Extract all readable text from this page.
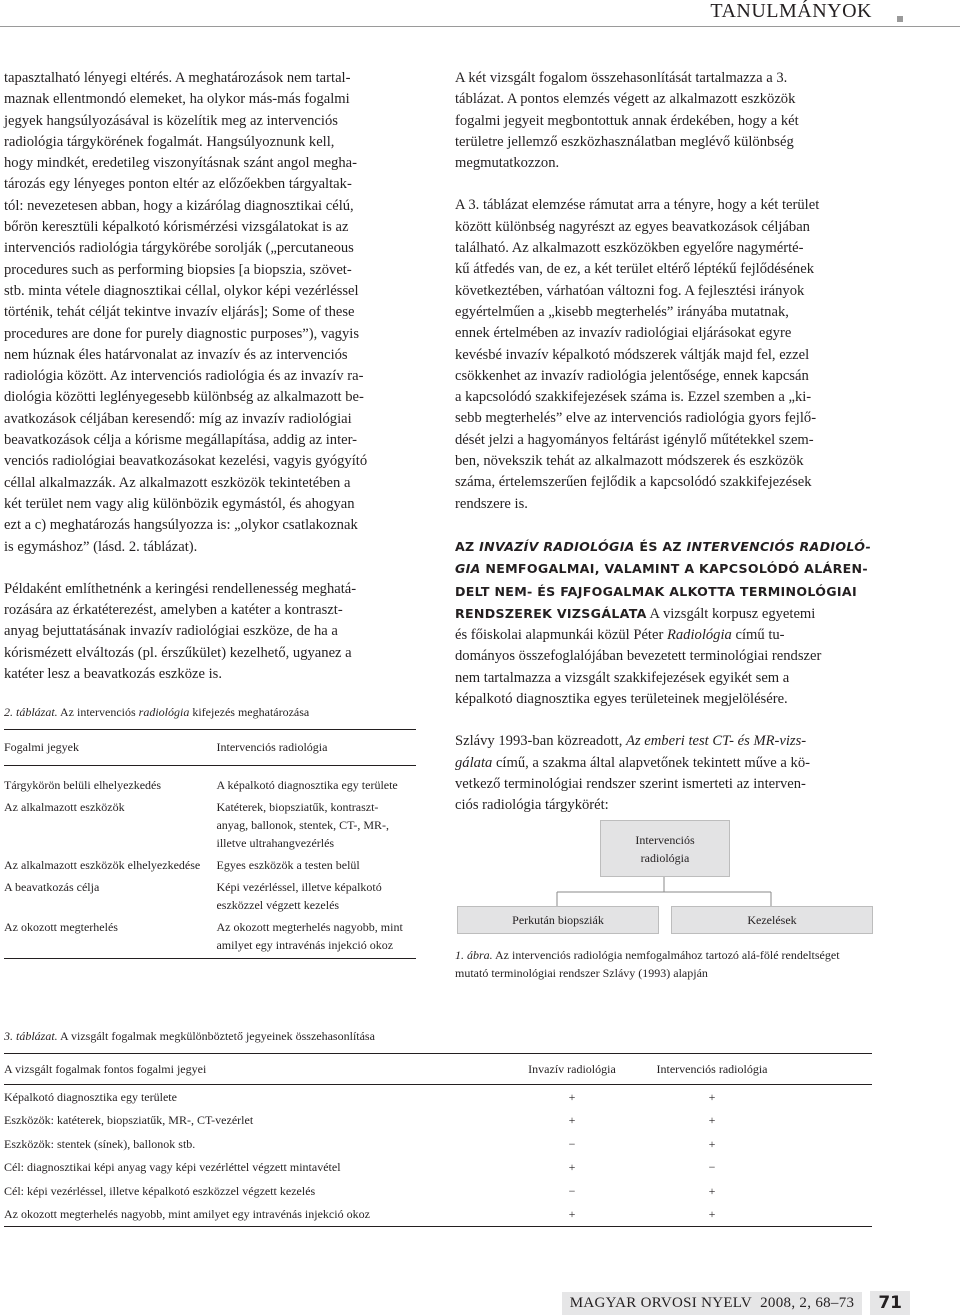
TANULMÁNYOK
tapasztalható lényegi eltérés. A meghatározások nem tartal-
maznak ellentmondó elemeket, ha olykor más-más fogalmi
jegyek hangsúlyozásával is közelítik meg az intervenciós
radiológia tárgykörének fogalmát. Hangsúlyoznunk kell,
hogy mindkét, eredetileg viszonyításnak szánt angol megha-
tározás egy lényeges ponton eltér az előzőekben tárgyaltak-
tól: nevezetesen abban, hogy a kizárólag diagnosztikai célú,
bőrön keresztüli képalkotó kórismérzési vizsgálatokat is az
intervenciós radiológia tárgykörébe sorolják („percutaneous
procedures such as performing biopsies [a biopszia, szövet-
stb. minta vétele diagnosztikai céllal, olykor képi vezérléssel
történik, tehát célját tekintve invazív eljárás]; Some of these
procedures are done for purely diagnostic purposes”), vagyis
nem húznak éles határvonalat az invazív és az intervenciós
radiológia között. Az intervenciós radiológia és az invazív ra-
diológia közötti leglényegesebb különbség az alkalmazott be-
avatkozások céljában keresendő: míg az invazív radiológiai
beavatkozások célja a kórisme megállapítása, addig az inter-
venciós radiológiai beavatkozásokat kezelési, vagyis gyógyító
céllal alkalmazzák. Az alkalmazott eszközök tekintetében a
két terület nem vagy alig különbözik egymástól, és ahogyan
ezt a c) meghatározás hangsúlyozza is: „olykor csatlakoznak
is egymáshoz” (lásd. 2. táblázat).
Példaként említhetnénk a keringési rendellenesség meghatá-
rozására az érkatéterezést, amelyben a katéter a kontraszt-
anyag bejuttatásának invazív radiológiai eszköze, de ha a
kórismézett elváltozás (pl. érszűkület) kezelhető, ugyanez a
katéter lesz a beavatkozás eszköze is.
A két vizsgált fogalom összehasonlítását tartalmazza a 3.
táblázat. A pontos elemzés végett az alkalmazott eszközök
fogalmi jegyeit megbontottuk annak érdekében, hogy a két
területre jellemző eszközhasználatban meglévő különbség
megmutatkozzon.
A 3. táblázat elemzése rámutat arra a tényre, hogy a két terület
között különbség nagyrészt az egyes beavatkozások céljában
található. Az alkalmazott eszközökben egyelőre nagymérté-
kű átfedés van, de ez, a két terület eltérő léptékű fejlődésének
következtében, várhatóan változni fog. A fejlesztési irányok
egyértelműen a „kisebb megterhelés” irányába mutatnak,
ennek értelmében az invazív radiológiai eljárásokat egyre
kevésbé invazív képalkotó módszerek váltják majd fel, ezzel
csökkenhet az invazív radiológia jelentősége, ennek kapcsán
a kapcsolódó szakkifejezések száma is. Ezzel szemben a „ki-
sebb megterhelés” elve az intervenciós radiológia gyors fejlő-
dését jelzi a hagyományos feltárást igénylő műtétekkel szem-
ben, növekszik tehát az alkalmazott módszerek és eszközök
száma, értelemszerűen fejlődik a kapcsolódó szakkifejezések
rendszere is.
AZ INVAZÍV RADIOLÓGIA ÉS AZ INTERVENCIÓS RADIOLÓ-
GIA NEMFOGALMAI, VALAMINT A KAPCSOLÓDÓ ALÁREN-
DELT NEM- ÉS FAJFOGALMAK ALKOTTA TERMINOLÓGIAI
RENDSZEREK VIZSGÁLATA A vizsgált korpusz egyetemi
és főiskolai alapmunkái közül Péter Radiológia című tu-
dományos összefoglalójában bevezetett terminológiai rendszer
nem tartalmazza a vizsgált szakkifejezések egyikét sem a
képalkotó diagnosztika egyes területeinek megjelölésére.
Szlávy 1993-ban közreadott, Az emberi test CT- és MR-vizs-
gálata című, a szakma által alapvetőnek tekintett műve a kö-
vetkező terminológiai rendszer szerint ismerteti az interven-
ciós radiológia tárgykörét:
2. táblázat. Az intervenciós radiológia kifejezés meghatározása
Fogalmi jegyek	Intervenciós radiológia
Tárgykörön belüli elhelyezkedés	A képalkotó diagnosztika egy területe
Az alkalmazott eszközök	Katéterek, biopsziatűk, kontraszt-
anyag, ballonok, stentek, CT-, MR-,
illetve ultrahangvezérlés
Az alkalmazott eszközök elhelyezkedése	Egyes eszközök a testen belül
A beavatkozás célja	Képi vezérléssel, illetve képalkotó
eszközzel végzett kezelés
Az okozott megterhelés	Az okozott megterhelés nagyobb, mint
amilyet egy intravénás injekció okoz
Intervenciós
radiológia
Perkután biopsziák	Kezelések
1. ábra. Az intervenciós radiológia nemfogalmához tartozó alá-fölé rendeltséget
mutató terminológiai rendszer Szlávy (1993) alapján
3. táblázat. A vizsgált fogalmak megkülönböztető jegyeinek összehasonlítása
A vizsgált fogalmak fontos fogalmi jegyei	Invazív radiológia	Intervenciós radiológia
Képalkotó diagnosztika egy területe	+	+
Eszközök: katéterek, biopsziatűk, MR-, CT-vezérlet	+	+
Eszközök: stentek (sínek), ballonok stb.	−	+
Cél: diagnosztikai képi anyag vagy képi vezérléttel végzett mintavétel	+	−
Cél: képi vezérléssel, illetve képalkotó eszközzel végzett kezelés	−	+
Az okozott megterhelés nagyobb, mint amilyet egy intravénás injekció okoz	+	+
MAGYAR ORVOSI NYELV 2008, 2, 68–73	71
